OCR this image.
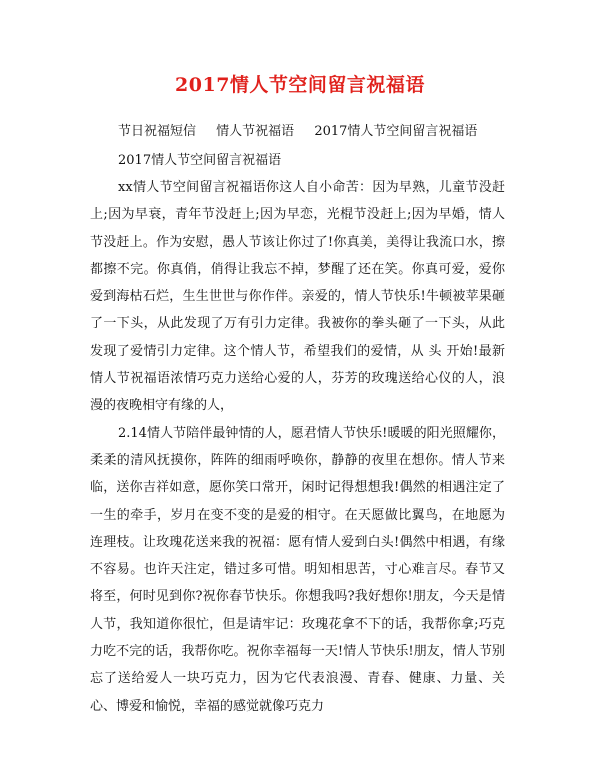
2017情人节空间留言祝福语
节日祝福短信 情人节祝福语 2017情人节空间留言祝福语
2017情人节空间留言祝福语

xx情人节空间留言祝福语你这人自小命苦：因为早熟，儿童节没赶上;因为早衰，青年节没赶上;因为早恋，光棍节没赶上;因为早婚，情人节没赶上。作为安慰，愚人节该让你过了!你真美，美得让我流口水，擦都擦不完。你真俏，俏得让我忘不掉，梦醒了还在笑。你真可爱，爱你爱到海枯石烂，生生世世与你作伴。亲爱的，情人节快乐!牛顿被苹果砸了一下头，从此发现了万有引力定律。我被你的拳头砸了一下头，从此发现了爱情引力定律。这个情人节，希望我们的爱情，从 头 开始!最新情人节祝福语浓情巧克力送给心爱的人，芬芳的玫瑰送给心仪的人，浪漫的夜晚相守有缘的人，

2.14情人节陪伴最钟情的人，愿君情人节快乐!暖暖的阳光照耀你，柔柔的清风抚摸你，阵阵的细雨呼唤你，静静的夜里在想你。情人节来临，送你吉祥如意，愿你笑口常开，闲时记得想想我!偶然的相遇注定了一生的牵手，岁月在变不变的是爱的相守。在天愿做比翼鸟，在地愿为连理枝。让玫瑰花送来我的祝福：愿有情人爱到白头!偶然中相遇，有缘不容易。也许天注定，错过多可惜。明知相思苦，寸心难言尽。春节又将至，何时见到你?祝你春节快乐。你想我吗?我好想你!朋友，今天是情人节，我知道你很忙，但是请牢记：玫瑰花拿不下的话，我帮你拿;巧克力吃不完的话，我帮你吃。祝你幸福每一天!情人节快乐!朋友，情人节别忘了送给爱人一块巧克力，因为它代表浪漫、青春、健康、力量、关心、博爱和愉悦，幸福的感觉就像巧克力
